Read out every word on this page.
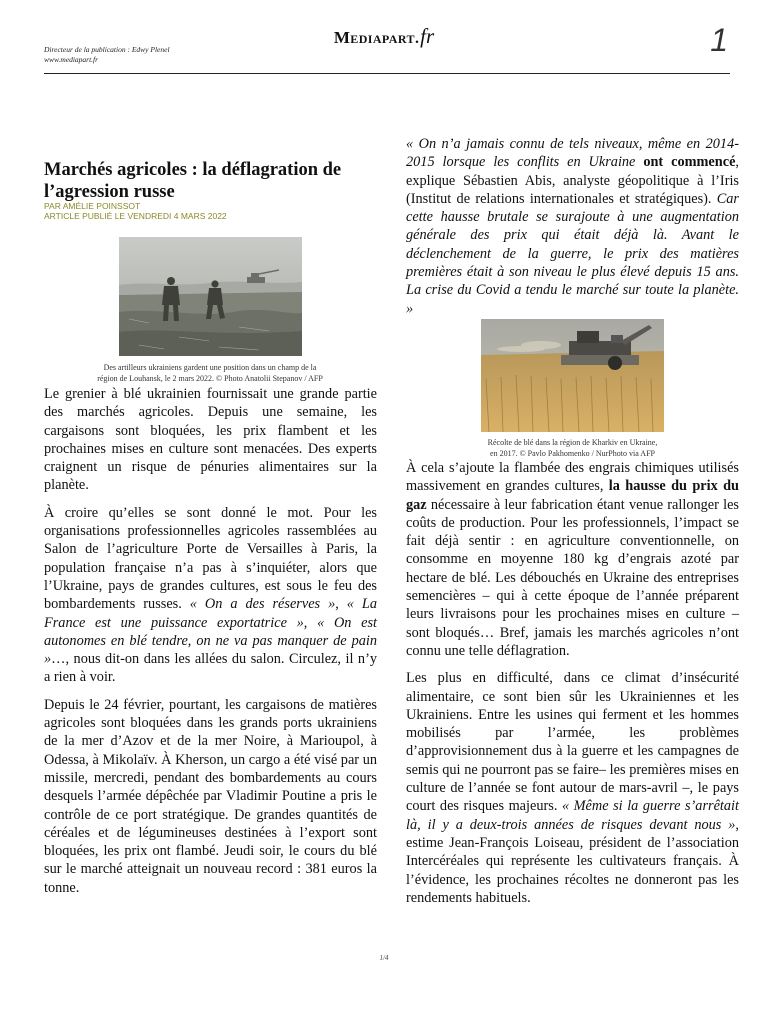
Directeur de la publication : Edwy Plenel
www.mediapart.fr
Mediapart.fr	1
Marchés agricoles : la déflagration de l’agression russe
PAR AMÉLIE POINSSOT
ARTICLE PUBLIÉ LE VENDREDI 4 MARS 2022
Des artilleurs ukrainiens gardent une position dans un champ de la
région de Louhansk, le 2 mars 2022. © Photo Anatolii Stepanov / AFP

Le grenier à blé ukrainien fournissait une grande partie des marchés agricoles. Depuis une semaine, les cargaisons sont bloquées, les prix flambent et les prochaines mises en culture sont menacées. Des experts craignent un risque de pénuries alimentaires sur la planète.

À croire qu’elles se sont donné le mot. Pour les organisations professionnelles agricoles rassemblées au Salon de l’agriculture Porte de Versailles à Paris, la population française n’a pas à s’inquiéter, alors que l’Ukraine, pays de grandes cultures, est sous le feu des bombardements russes. « On a des réserves », « La France est une puissance exportatrice », « On est autonomes en blé tendre, on ne va pas manquer de pain »…, nous dit-on dans les allées du salon. Circulez, il n’y a rien à voir.

Depuis le 24 février, pourtant, les cargaisons de matières agricoles sont bloquées dans les grands ports ukrainiens de la mer d’Azov et de la mer Noire, à Marioupol, à Odessa, à Mikolaïv. À Kherson, un cargo a été visé par un missile, mercredi, pendant des bombardements au cours desquels l’armée dépêchée par Vladimir Poutine a pris le contrôle de ce port stratégique. De grandes quantités de céréales et de légumineuses destinées à l’export sont bloquées, les prix ont flambé. Jeudi soir, le cours du blé sur le marché atteignait un nouveau record : 381 euros la tonne.

« On n’a jamais connu de tels niveaux, même en 2014-2015 lorsque les conflits en Ukraine ont commencé, explique Sébastien Abis, analyste géopolitique à l’Iris (Institut de relations internationales et stratégiques). Car cette hausse brutale se surajoute à une augmentation générale des prix qui était déjà là. Avant le déclenchement de la guerre, le prix des matières premières était à son niveau le plus élevé depuis 15 ans. La crise du Covid a tendu le marché sur toute la planète. »

Récolte de blé dans la région de Kharkiv en Ukraine,
en 2017. © Pavlo Pakhomenko / NurPhoto via AFP

À cela s’ajoute la flambée des engrais chimiques utilisés massivement en grandes cultures, la hausse du prix du gaz nécessaire à leur fabrication étant venue rallonger les coûts de production. Pour les professionnels, l’impact se fait déjà sentir : en agriculture conventionnelle, on consomme en moyenne 180 kg d’engrais azoté par hectare de blé. Les débouchés en Ukraine des entreprises semencières – qui à cette époque de l’année préparent leurs livraisons pour les prochaines mises en culture – sont bloqués… Bref, jamais les marchés agricoles n’ont connu une telle déflagration.

Les plus en difficulté, dans ce climat d’insécurité alimentaire, ce sont bien sûr les Ukrainiennes et les Ukrainiens. Entre les usines qui ferment et les hommes mobilisés par l’armée, les problèmes d’approvisionnement dus à la guerre et les campagnes de semis qui ne pourront pas se faire– les premières mises en culture de l’année se font autour de mars-avril –, le pays court des risques majeurs. « Même si la guerre s’arrêtait là, il y a deux-trois années de risques devant nous », estime Jean-François Loiseau, président de l’association Intercéréales qui représente les cultivateurs français. À l’évidence, les prochaines récoltes ne donneront pas les rendements habituels.

1/4
